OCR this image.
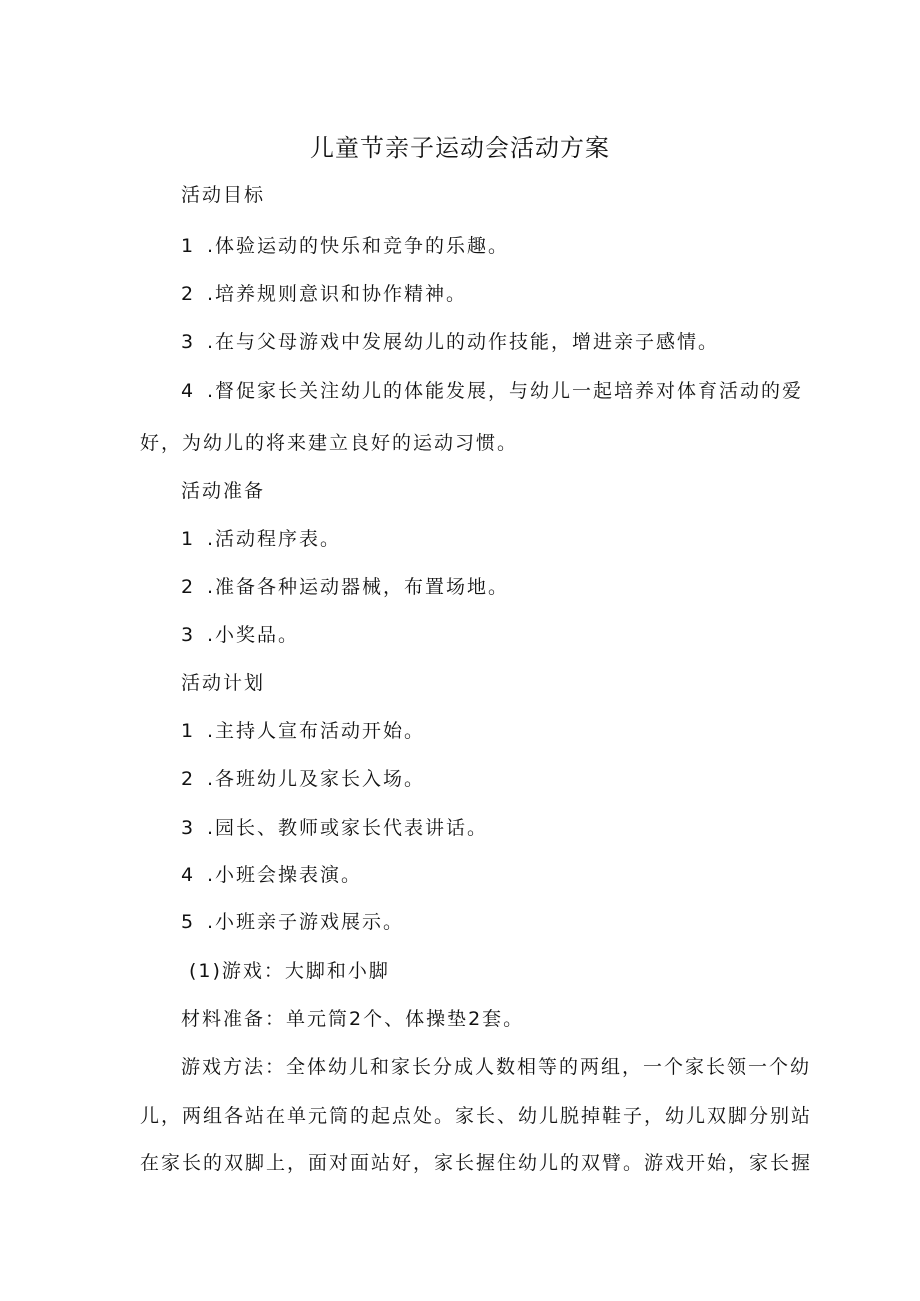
儿童节亲子运动会活动方案
活动目标
1 .体验运动的快乐和竞争的乐趣。
2 .培养规则意识和协作精神。
3 .在与父母游戏中发展幼儿的动作技能，增进亲子感情。
4 .督促家长关注幼儿的体能发展，与幼儿一起培养对体育活动的爱
好，为幼儿的将来建立良好的运动习惯。
活动准备
1 .活动程序表。
2 .准备各种运动器械，布置场地。
3 .小奖品。
活动计划
1 .主持人宣布活动开始。
2 .各班幼儿及家长入场。
3 .园长、教师或家长代表讲话。
4 .小班会操表演。
5 .小班亲子游戏展示。
(1)游戏：大脚和小脚
材料准备：单元筒2个、体操垫2套。
游戏方法：全体幼儿和家长分成人数相等的两组，一个家长领一个幼
儿，两组各站在单元筒的起点处。家长、幼儿脱掉鞋子，幼儿双脚分别站
在家长的双脚上，面对面站好，家长握住幼儿的双臂。游戏开始，家长握
